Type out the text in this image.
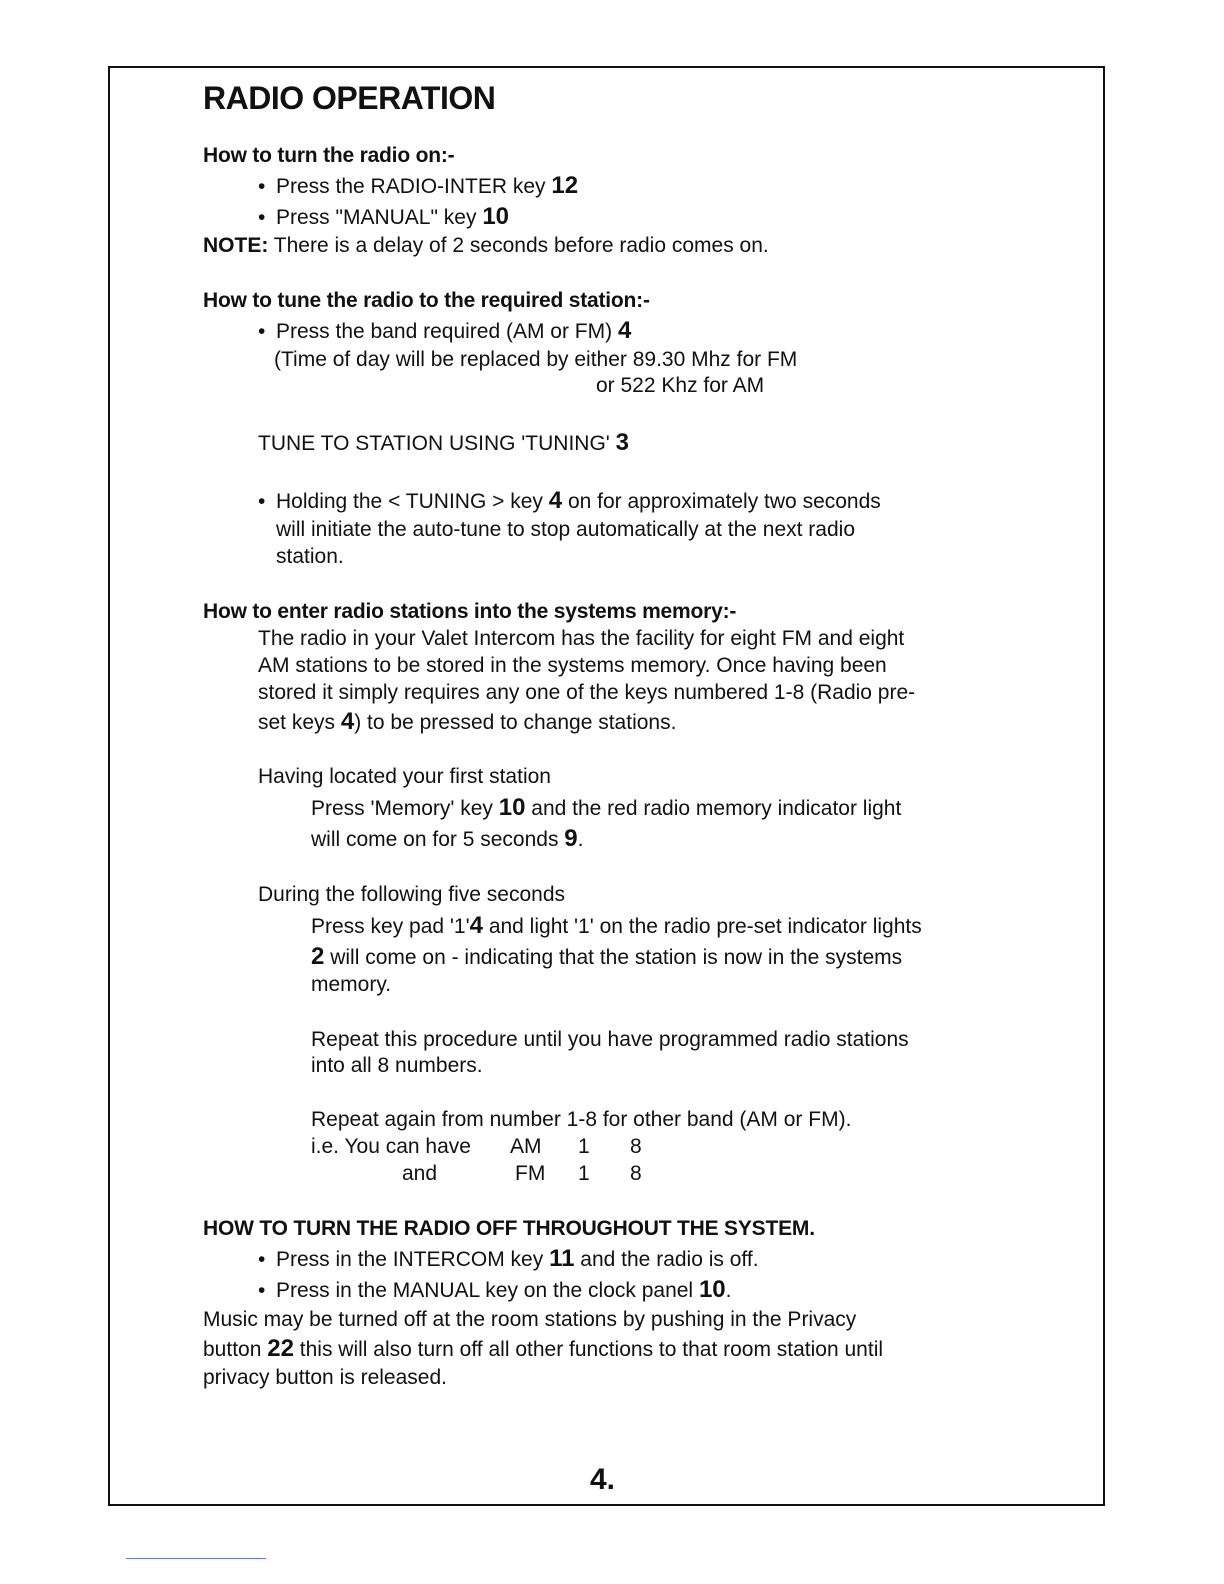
RADIO OPERATION
How to turn the radio on:-
• Press the RADIO-INTER key 12
• Press "MANUAL" key 10
NOTE: There is a delay of 2 seconds before radio comes on.
How to tune the radio to the required station:-
• Press the band required (AM or FM) 4
(Time of day will be replaced by either 89.30 Mhz for FM
or 522 Khz for AM
TUNE TO STATION USING 'TUNING' 3
• Holding the < TUNING > key 4 on for approximately two seconds
will initiate the auto-tune to stop automatically at the next radio
station.
How to enter radio stations into the systems memory:-
The radio in your Valet Intercom has the facility for eight FM and eight
AM stations to be stored in the systems memory. Once having been
stored it simply requires any one of the keys numbered 1-8 (Radio pre-
set keys 4) to be pressed to change stations.
Having located your first station
Press 'Memory' key 10 and the red radio memory indicator light
will come on for 5 seconds 9.
During the following five seconds
Press key pad '1'4 and light '1' on the radio pre-set indicator lights
2 will come on - indicating that the station is now in the systems
memory.
Repeat this procedure until you have programmed radio stations
into all 8 numbers.
Repeat again from number 1-8 for other band (AM or FM).
i.e. You can have AM 1 8
and	FM 1 8
HOW TO TURN THE RADIO OFF THROUGHOUT THE SYSTEM.
• Press in the INTERCOM key 11 and the radio is off.
• Press in the MANUAL key on the clock panel 10.
Music may be turned off at the room stations by pushing in the Privacy
button 22 this will also turn off all other functions to that room station until
privacy button is released.
4.
